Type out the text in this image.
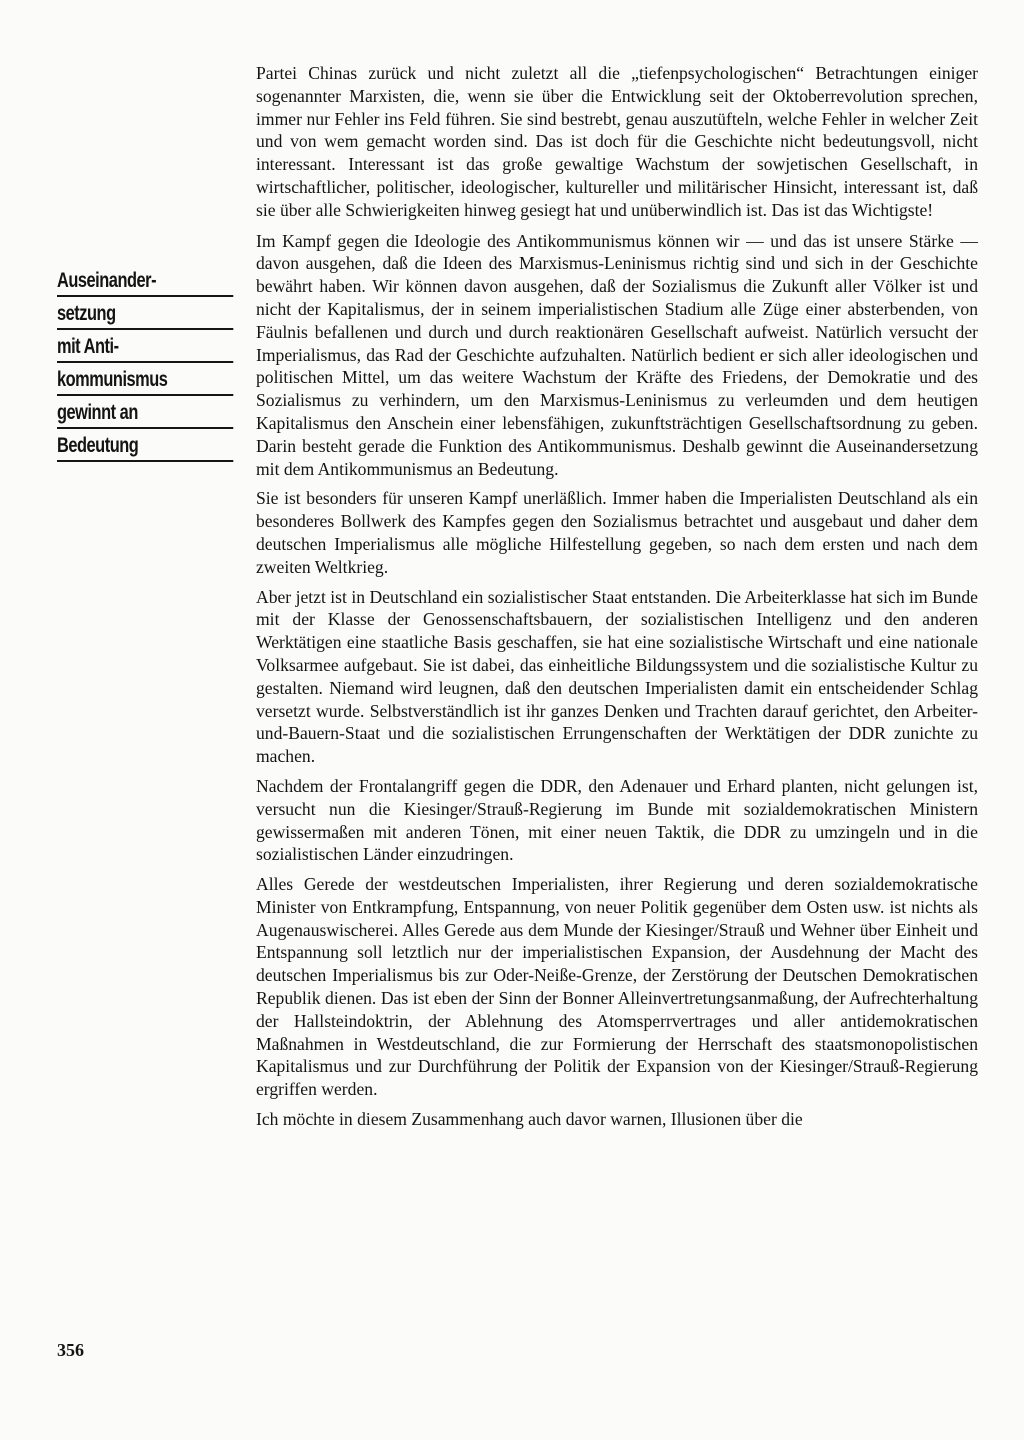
Partei Chinas zurück und nicht zuletzt all die „tiefenpsychologischen“ Betrachtungen einiger sogenannter Marxisten, die, wenn sie über die Entwicklung seit der Oktoberrevolution sprechen, immer nur Fehler ins Feld führen. Sie sind bestrebt, genau auszutüfteln, welche Fehler in welcher Zeit und von wem gemacht worden sind. Das ist doch für die Geschichte nicht bedeutungsvoll, nicht interessant. Interessant ist das große gewaltige Wachstum der sowjetischen Gesellschaft, in wirtschaftlicher, politischer, ideologischer, kultureller und militärischer Hinsicht, interessant ist, daß sie über alle Schwierigkeiten hinweg gesiegt hat und unüberwindlich ist. Das ist das Wichtigste!

Im Kampf gegen die Ideologie des Antikommunismus können wir — und das ist unsere Stärke — davon ausgehen, daß die Ideen des Marxismus-Leninismus richtig sind und sich in der Geschichte bewährt haben. Wir können davon ausgehen, daß der Sozialismus die Zukunft aller Völker ist und nicht der Kapitalismus, der in seinem imperialistischen Stadium alle Züge einer absterbenden, von Fäulnis befallenen und durch und durch reaktionären Gesellschaft aufweist. Natürlich versucht der Imperialismus, das Rad der Geschichte aufzuhalten. Natürlich bedient er sich aller ideologischen und politischen Mittel, um das weitere Wachstum der Kräfte des Friedens, der Demokratie und des Sozialismus zu verhindern, um den Marxismus-Leninismus zu verleumden und dem heutigen Kapitalismus den Anschein einer lebensfähigen, zukunftsträchtigen Gesellschaftsordnung zu geben. Darin besteht gerade die Funktion des Antikommunismus. Deshalb gewinnt die Auseinandersetzung mit dem Antikommunismus an Bedeutung.

Sie ist besonders für unseren Kampf unerläßlich. Immer haben die Imperialisten Deutschland als ein besonderes Bollwerk des Kampfes gegen den Sozialismus betrachtet und ausgebaut und daher dem deutschen Imperialismus alle mögliche Hilfestellung gegeben, so nach dem ersten und nach dem zweiten Weltkrieg.

Aber jetzt ist in Deutschland ein sozialistischer Staat entstanden. Die Arbeiterklasse hat sich im Bunde mit der Klasse der Genossenschaftsbauern, der sozialistischen Intelligenz und den anderen Werktätigen eine staatliche Basis geschaffen, sie hat eine sozialistische Wirtschaft und eine nationale Volksarmee aufgebaut. Sie ist dabei, das einheitliche Bildungssystem und die sozialistische Kultur zu gestalten. Niemand wird leugnen, daß den deutschen Imperialisten damit ein entscheidender Schlag versetzt wurde. Selbstverständlich ist ihr ganzes Denken und Trachten darauf gerichtet, den Arbeiter-und-Bauern-Staat und die sozialistischen Errungenschaften der Werktätigen der DDR zunichte zu machen.

Nachdem der Frontalangriff gegen die DDR, den Adenauer und Erhard planten, nicht gelungen ist, versucht nun die Kiesinger/Strauß-Regierung im Bunde mit sozialdemokratischen Ministern gewissermaßen mit anderen Tönen, mit einer neuen Taktik, die DDR zu umzingeln und in die sozialistischen Länder einzudringen.

Alles Gerede der westdeutschen Imperialisten, ihrer Regierung und deren sozialdemokratische Minister von Entkrampfung, Entspannung, von neuer Politik gegenüber dem Osten usw. ist nichts als Augenauswischerei. Alles Gerede aus dem Munde der Kiesinger/Strauß und Wehner über Einheit und Entspannung soll letztlich nur der imperialistischen Expansion, der Ausdehnung der Macht des deutschen Imperialismus bis zur Oder-Neiße-Grenze, der Zerstörung der Deutschen Demokratischen Republik dienen. Das ist eben der Sinn der Bonner Alleinvertretungsanmaßung, der Aufrechterhaltung der Hallsteindoktrin, der Ablehnung des Atomsperrvertrages und aller antidemokratischen Maßnahmen in Westdeutschland, die zur Formierung der Herrschaft des staatsmonopolistischen Kapitalismus und zur Durchführung der Politik der Expansion von der Kiesinger/Strauß-Regierung ergriffen werden.

Ich möchte in diesem Zusammenhang auch davor warnen, Illusionen über die

Auseinander-
setzung
mit Anti-
kommunismus
gewinnt an
Bedeutung
356
